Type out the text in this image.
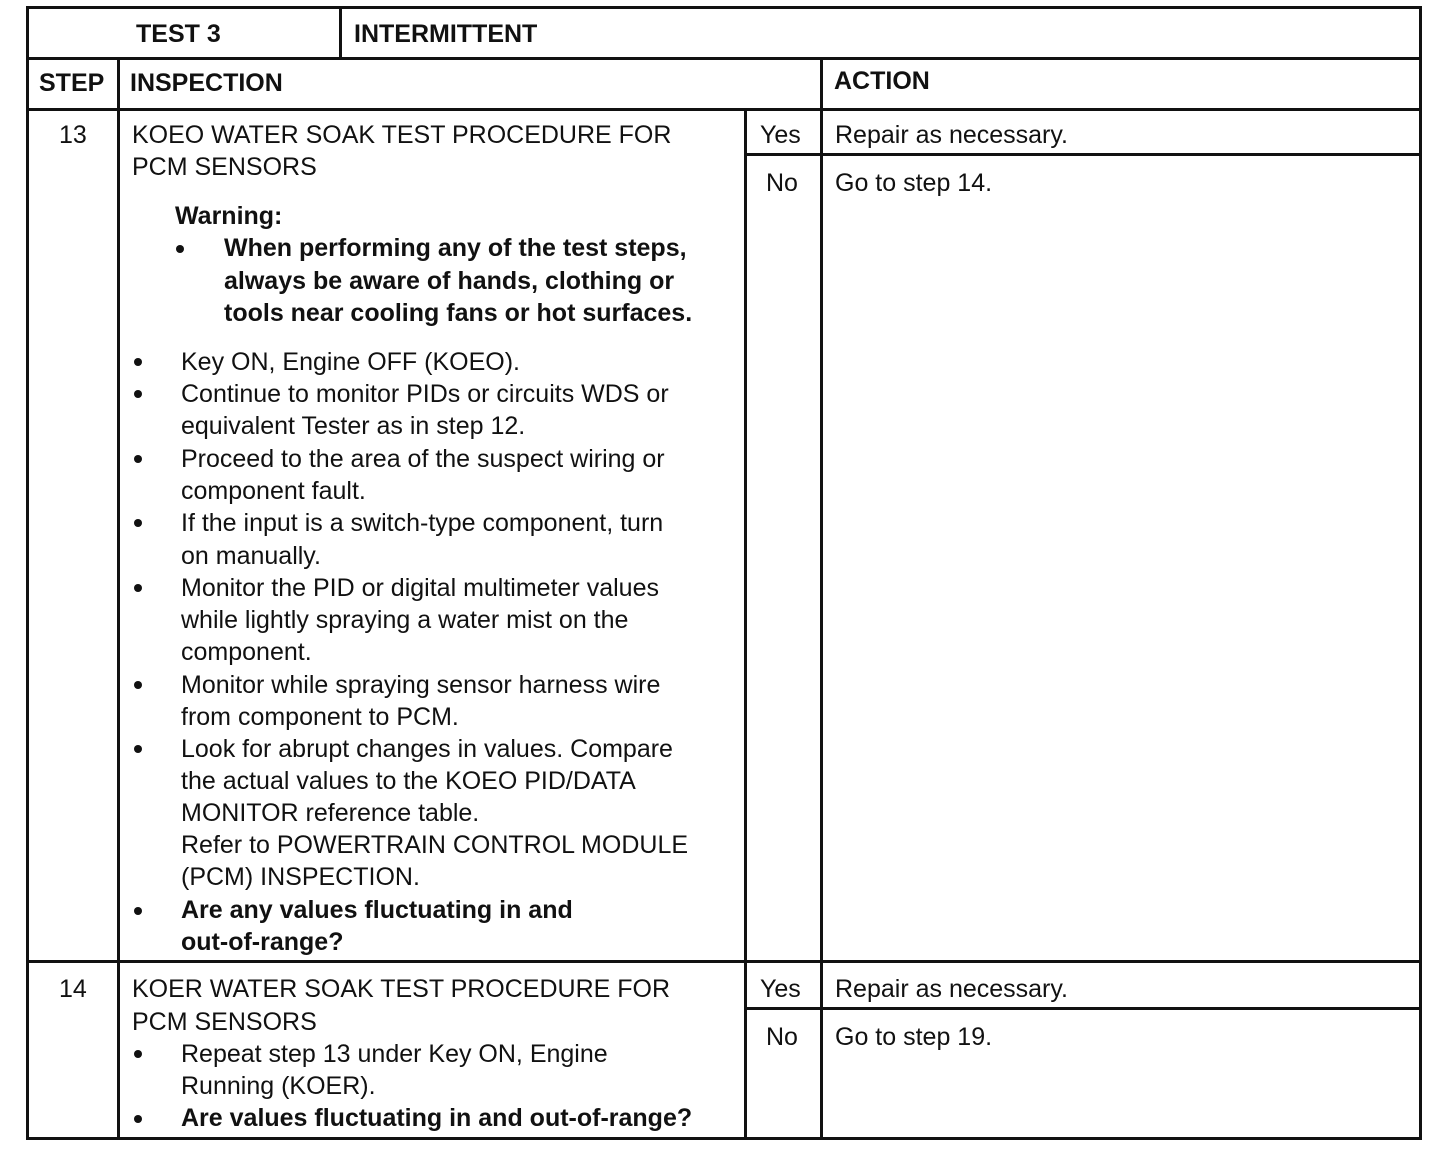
TEST 3	INTERMITTENT
STEP INSPECTION	ACTION
13 KOEO WATER SOAK TEST PROCEDURE FOR
PCM SENSORS
Warning:
When performing any of the test steps,
always be aware of hands, clothing or
tools near cooling fans or hot surfaces.
Key ON, Engine OFF (KOEO).
Continue to monitor PIDs or circuits WDS or
equivalent Tester as in step 12.
Proceed to the area of the suspect wiring or
component fault.
If the input is a switch-type component, turn
on manually.
Monitor the PID or digital multimeter values
while lightly spraying a water mist on the
component.
Monitor while spraying sensor harness wire
from component to PCM.
Look for abrupt changes in values. Compare
the actual values to the KOEO PID/DATA
MONITOR reference table.
Refer to POWERTRAIN CONTROL MODULE
(PCM) INSPECTION.
Are any values fluctuating in and
out-of-range?
Yes Repair as necessary.
No Go to step 14.
14 KOER WATER SOAK TEST PROCEDURE FOR
PCM SENSORS
Repeat step 13 under Key ON, Engine
Running (KOER).
Are values fluctuating in and out-of-range?
Yes Repair as necessary.
No Go to step 19.
